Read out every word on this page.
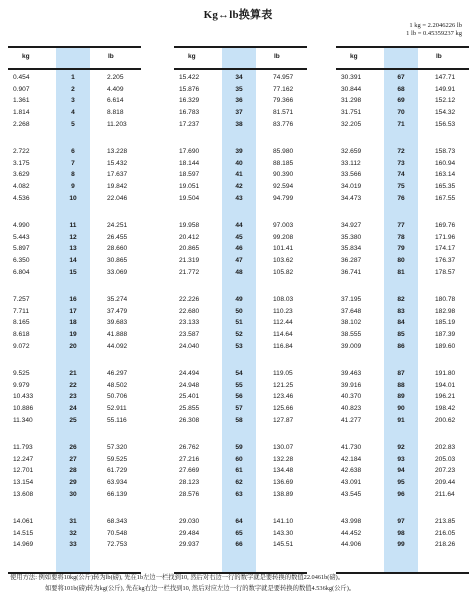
Kg↔lb换算表
1 kg = 2.2046226 lb
1 lb = 0.45359237 kg
kg	lb
0.454	1	2.205
0.907	2	4.409
1.361	3	6.614
1.814	4	8.818
2.268	5	11.203
2.722	6	13.228
3.175	7	15.432
3.629	8	17.637
4.082	9	19.842
4.536	10	22.046
4.990	11	24.251
5.443	12	26.455
5.897	13	28.660
6.350	14	30.865
6.804	15	33.069
7.257	16	35.274
7.711	17	37.479
8.165	18	39.683
8.618	19	41.888
9.072	20	44.092
9.525	21	46.297
9.979	22	48.502
10.433	23	50.706
10.886	24	52.911
11.340	25	55.116
11.793	26	57.320
12.247	27	59.525
12.701	28	61.729
13.154	29	63.934
13.608	30	66.139
14.061	31	68.343
14.515	32	70.548
14.969	33	72.753
kg	lb
15.422	34	74.957
15.876	35	77.162
16.329	36	79.366
16.783	37	81.571
17.237	38	83.776
17.690	39	85.980
18.144	40	88.185
18.597	41	90.390
19.051	42	92.594
19.504	43	94.799
19.958	44	97.003
20.412	45	99.208
20.865	46	101.41
21.319	47	103.62
21.772	48	105.82
22.226	49	108.03
22.680	50	110.23
23.133	51	112.44
23.587	52	114.64
24.040	53	116.84
24.494	54	119.05
24.948	55	121.25
25.401	56	123.46
25.855	57	125.66
26.308	58	127.87
26.762	59	130.07
27.216	60	132.28
27.669	61	134.48
28.123	62	136.69
28.576	63	138.89
29.030	64	141.10
29.484	65	143.30
29.937	66	145.51
kg	lb
30.391	67	147.71
30.844	68	149.91
31.298	69	152.12
31.751	70	154.32
32.205	71	156.53
32.659	72	158.73
33.112	73	160.94
33.566	74	163.14
34.019	75	165.35
34.473	76	167.55
34.927	77	169.76
35.380	78	171.96
35.834	79	174.17
36.287	80	176.37
36.741	81	178.57
37.195	82	180.78
37.648	83	182.98
38.102	84	185.19
38.555	85	187.39
39.009	86	189.60
39.463	87	191.80
39.916	88	194.01
40.370	89	196.21
40.823	90	198.42
41.277	91	200.62
41.730	92	202.83
42.184	93	205.03
42.638	94	207.23
43.091	95	209.44
43.545	96	211.64
43.998	97	213.85
44.452	98	216.05
44.906	99	218.26
使用方法: 例如要将10kg(公斤)转为lb(磅), 先在1b左边一栏找到10, 然后对右边一行的数字就是要转换的数值22.0461b(磅)。
如要将101b(磅)转为kg(公斤), 先在kg右边一栏找到10, 然后对应左边一行的数字就是要转换的数值4.536kg(公斤)。
